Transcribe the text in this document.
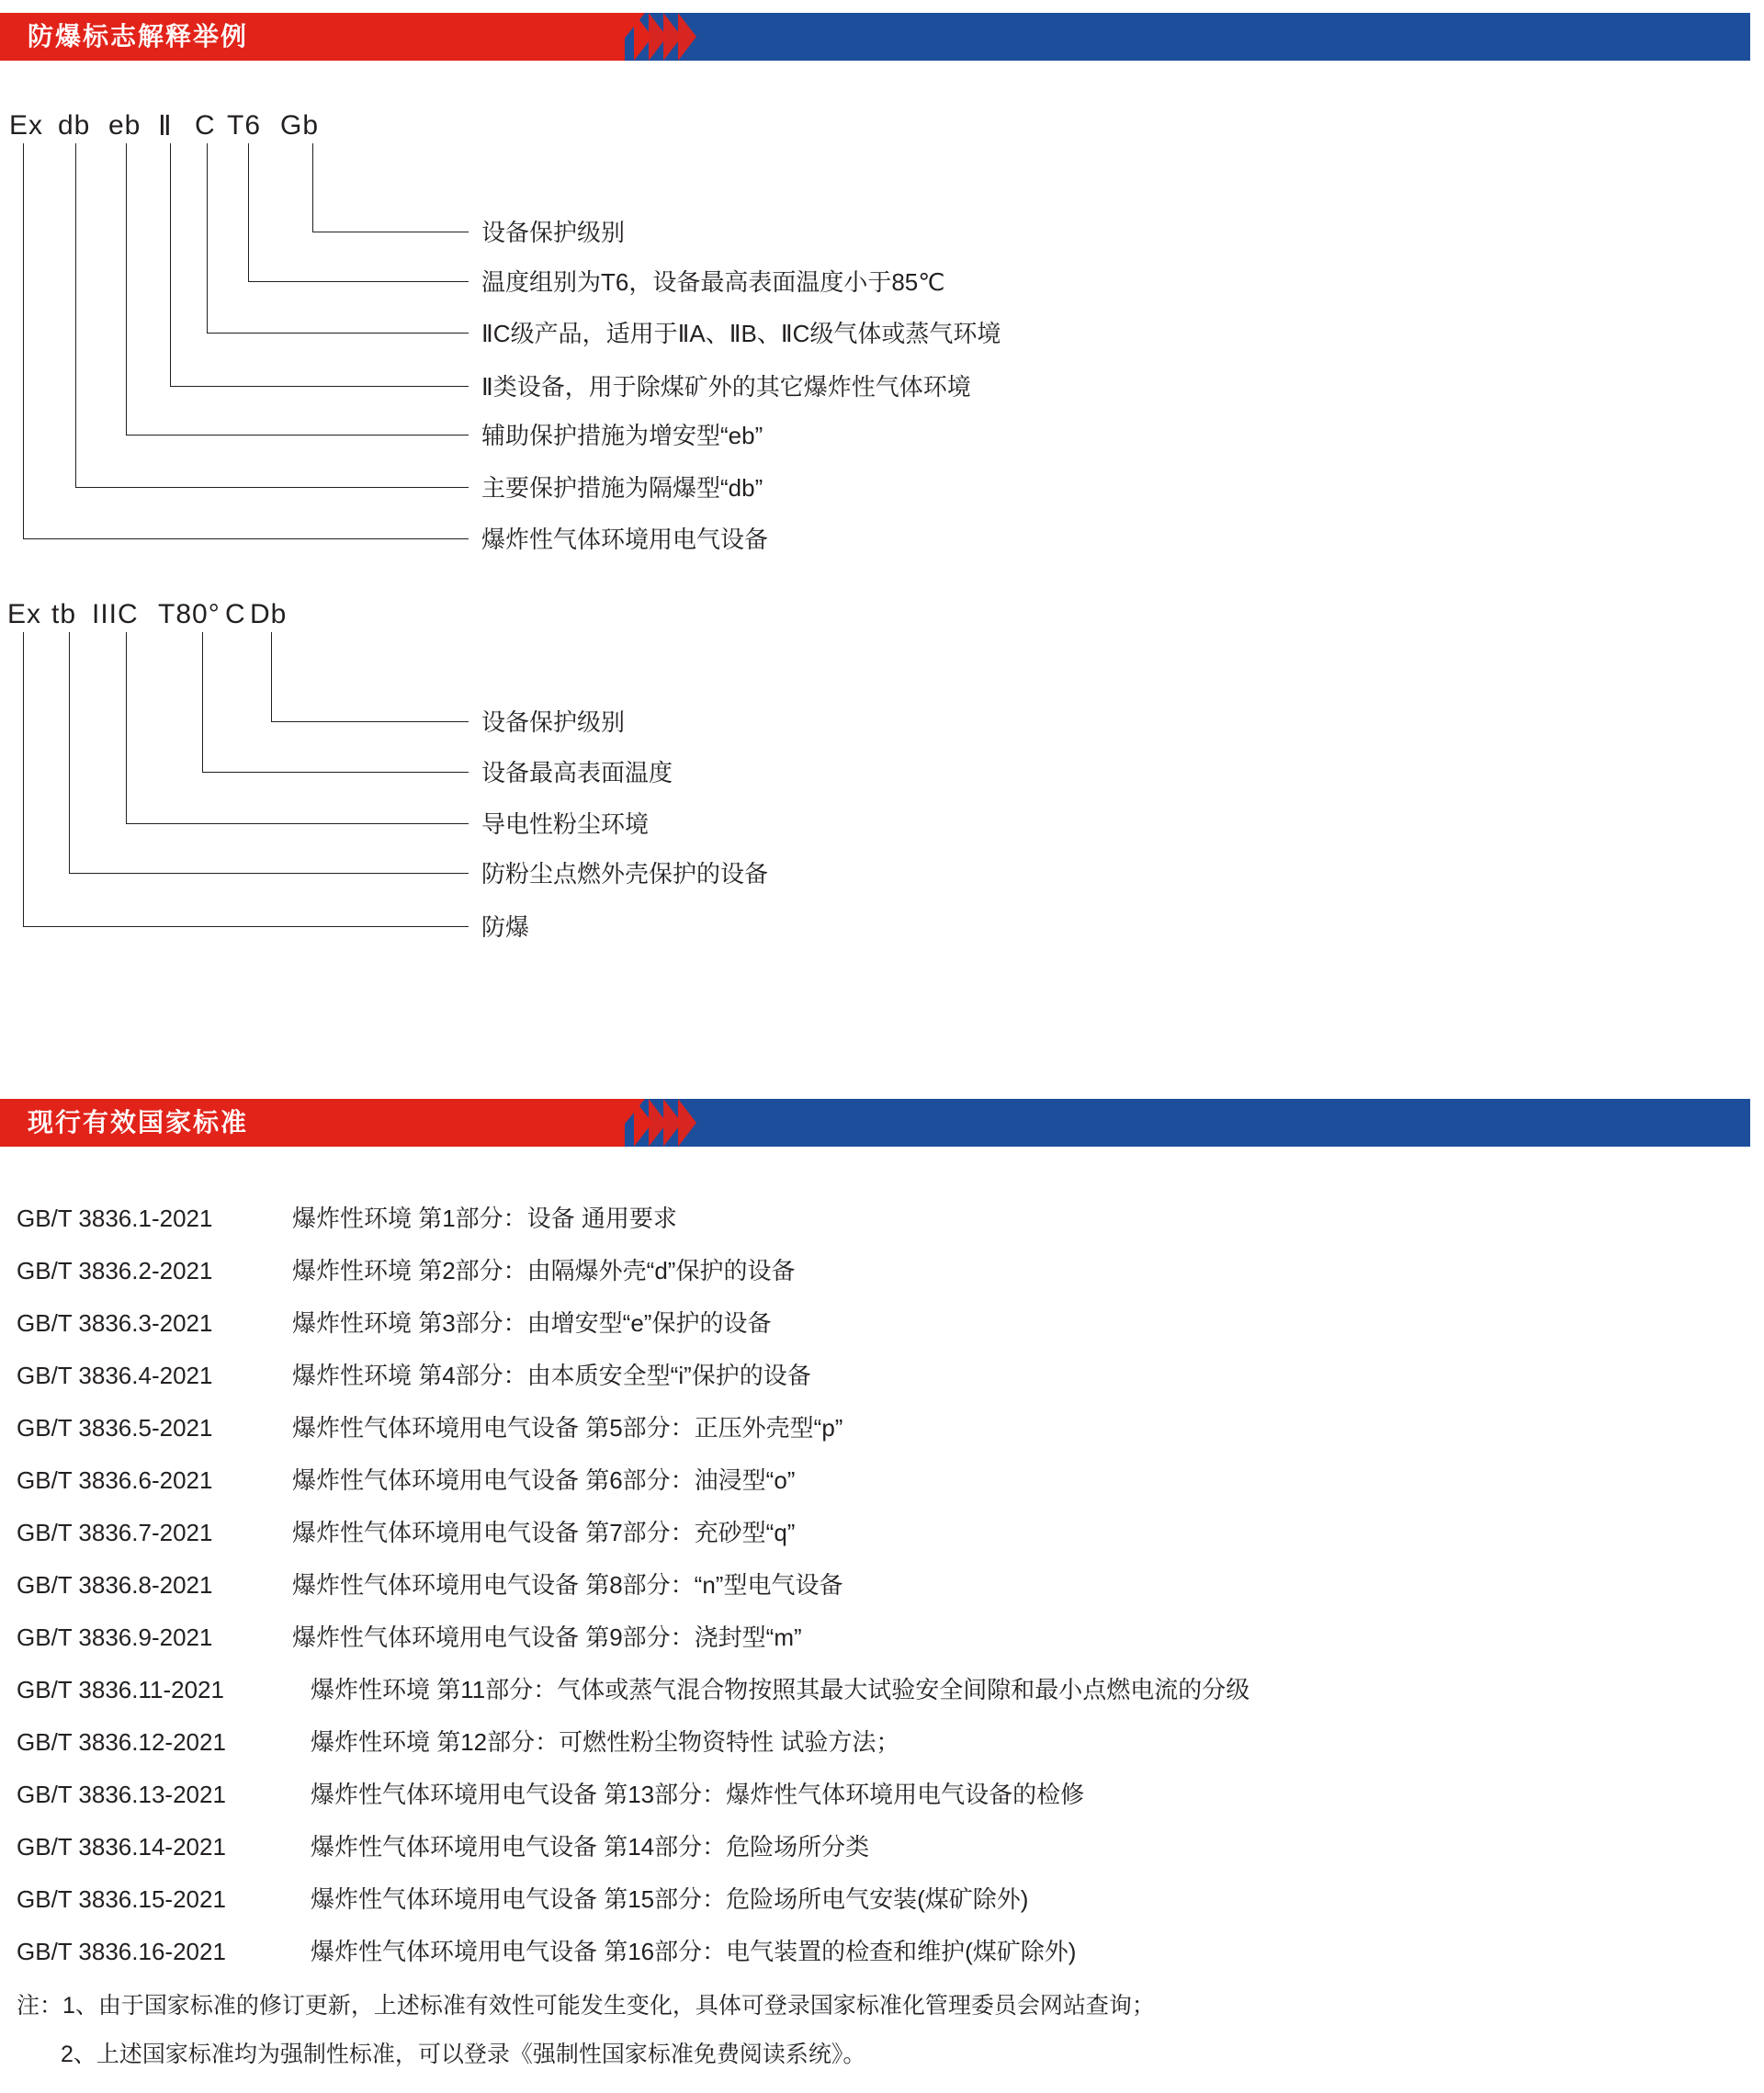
防爆标志解释举例
Ex db eb Ⅱ C T6 Gb
设备保护级别
温度组别为T6，设备最高表面温度小于85℃
ⅡC级产品，适用于ⅡA、ⅡB、ⅡC级气体或蒸气环境
Ⅱ类设备，用于除煤矿外的其它爆炸性气体环境
辅助保护措施为增安型“eb”
主要保护措施为隔爆型“db”
爆炸性气体环境用电气设备
Ex tb IIIC T80° C Db
设备保护级别
设备最高表面温度
导电性粉尘环境
防粉尘点燃外壳保护的设备
防爆
现行有效国家标准
GB/T 3836.1-2021	爆炸性环境 第1部分：设备 通用要求
GB/T 3836.2-2021	爆炸性环境 第2部分：由隔爆外壳“d”保护的设备
GB/T 3836.3-2021	爆炸性环境 第3部分：由增安型“e”保护的设备
GB/T 3836.4-2021	爆炸性环境 第4部分：由本质安全型“i”保护的设备
GB/T 3836.5-2021	爆炸性气体环境用电气设备 第5部分：正压外壳型“p”
GB/T 3836.6-2021	爆炸性气体环境用电气设备 第6部分：油浸型“o”
GB/T 3836.7-2021	爆炸性气体环境用电气设备 第7部分：充砂型“q”
GB/T 3836.8-2021	爆炸性气体环境用电气设备 第8部分：“n”型电气设备
GB/T 3836.9-2021	爆炸性气体环境用电气设备 第9部分：浇封型“m”
GB/T 3836.11-2021	爆炸性环境 第11部分：气体或蒸气混合物按照其最大试验安全间隙和最小点燃电流的分级
GB/T 3836.12-2021	爆炸性环境 第12部分：可燃性粉尘物资特性 试验方法；
GB/T 3836.13-2021	爆炸性气体环境用电气设备 第13部分：爆炸性气体环境用电气设备的检修
GB/T 3836.14-2021	爆炸性气体环境用电气设备 第14部分：危险场所分类
GB/T 3836.15-2021	爆炸性气体环境用电气设备 第15部分：危险场所电气安装(煤矿除外)
GB/T 3836.16-2021	爆炸性气体环境用电气设备 第16部分：电气装置的检查和维护(煤矿除外)
注：1、由于国家标准的修订更新，上述标准有效性可能发生变化，具体可登录国家标准化管理委员会网站查询；
2、上述国家标准均为强制性标准，可以登录《强制性国家标准免费阅读系统》。
